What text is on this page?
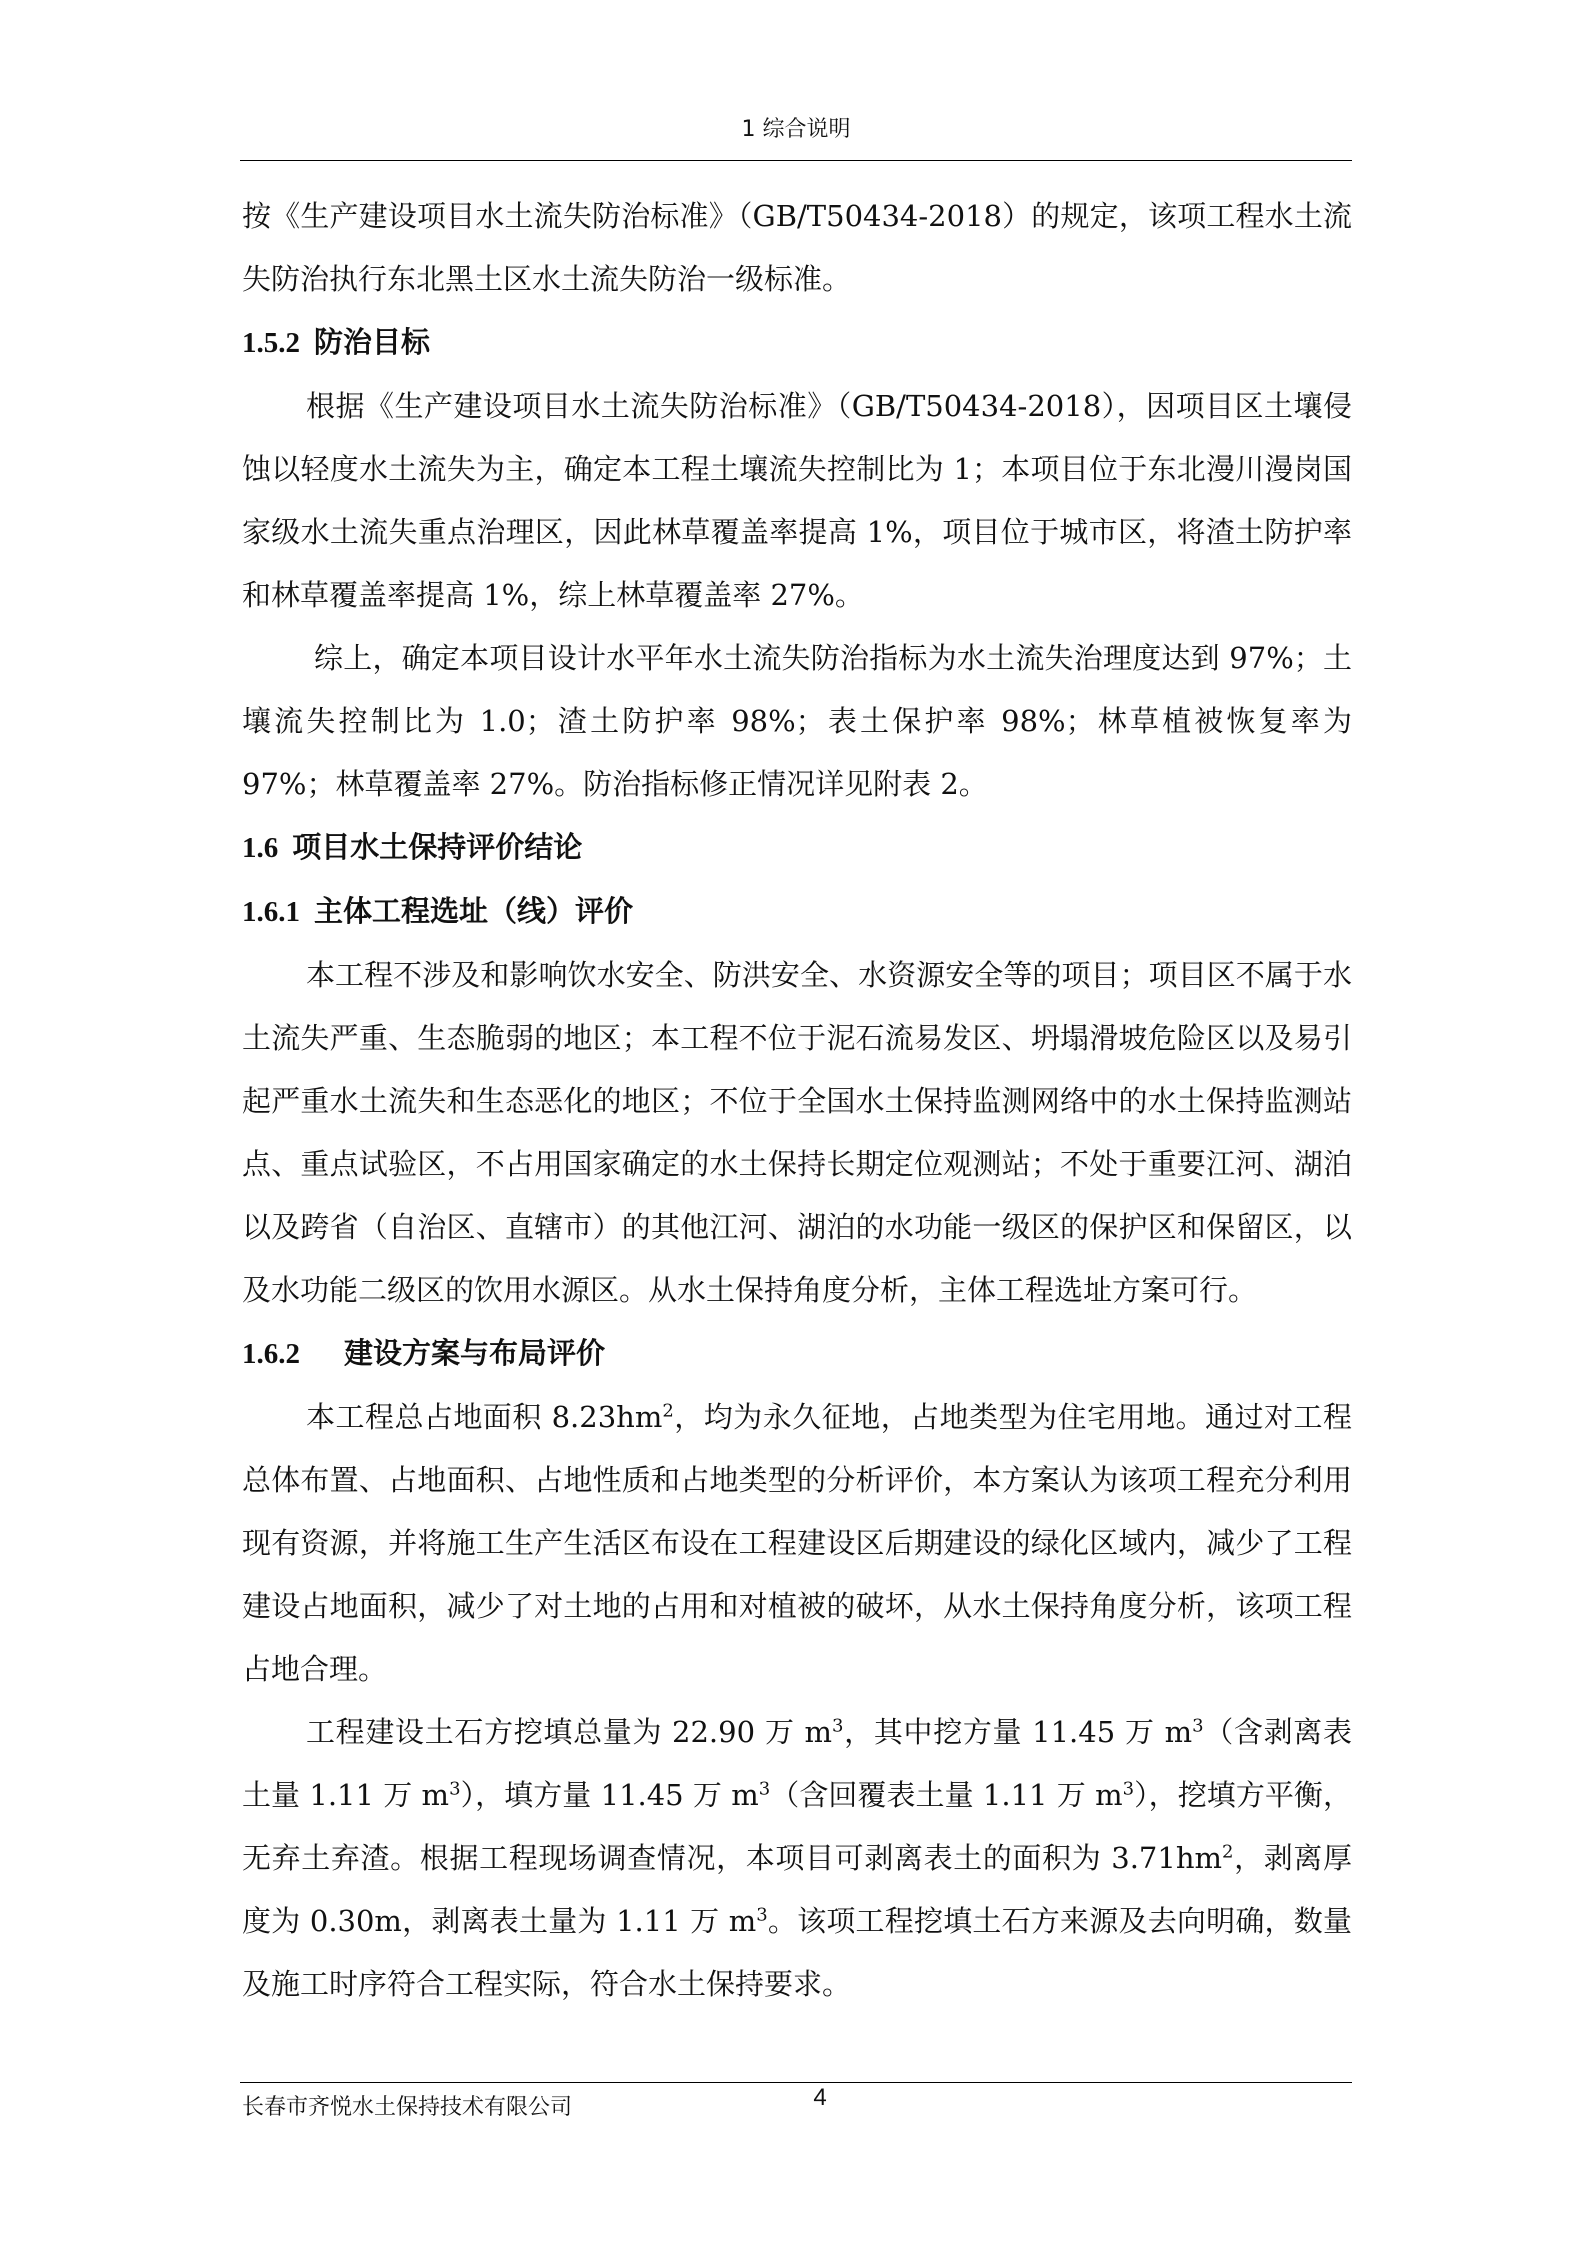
1 综合说明

按《生产建设项目水土流失防治标准》（GB/T50434-2018）的规定，该项工程水土流失防治执行东北黑土区水土流失防治一级标准。

1.5.2 防治目标

根据《生产建设项目水土流失防治标准》（GB/T50434-2018），因项目区土壤侵蚀以轻度水土流失为主，确定本工程土壤流失控制比为 1；本项目位于东北漫川漫岗国家级水土流失重点治理区，因此林草覆盖率提高 1%，项目位于城市区，将渣土防护率和林草覆盖率提高 1%，综上林草覆盖率 27%。

综上，确定本项目设计水平年水土流失防治指标为水土流失治理度达到 97%；土壤流失控制比为 1.0；渣土防护率 98%；表土保护率 98%；林草植被恢复率为 97%；林草覆盖率 27%。防治指标修正情况详见附表 2。

1.6 项目水土保持评价结论

1.6.1 主体工程选址（线）评价

本工程不涉及和影响饮水安全、防洪安全、水资源安全等的项目；项目区不属于水土流失严重、生态脆弱的地区；本工程不位于泥石流易发区、坍塌滑坡危险区以及易引起严重水土流失和生态恶化的地区；不位于全国水土保持监测网络中的水土保持监测站点、重点试验区，不占用国家确定的水土保持长期定位观测站；不处于重要江河、湖泊以及跨省（自治区、直辖市）的其他江河、湖泊的水功能一级区的保护区和保留区，以及水功能二级区的饮用水源区。从水土保持角度分析，主体工程选址方案可行。

1.6.2 建设方案与布局评价

本工程总占地面积 $8.23hm^2$，均为永久征地，占地类型为住宅用地。通过对工程总体布置、占地面积、占地性质和占地类型的分析评价，本方案认为该项工程充分利用现有资源，并将施工生产生活区布设在工程建设区后期建设的绿化区域内，减少了工程建设占地面积，减少了对土地的占用和对植被的破坏，从水土保持角度分析，该项工程占地合理。

工程建设土石方挖填总量为 22.90 万 $m^3$，其中挖方量 11.45 万 $m^3$（含剥离表土量 1.11 万 $m^3$），填方量 11.45 万 $m^3$（含回覆表土量 1.11 万 $m^3$），挖填方平衡，无弃土弃渣。根据工程现场调查情况，本项目可剥离表土的面积为 $3.71hm^2$，剥离厚度为 0.30m，剥离表土量为 1.11 万 $m^3$。该项工程挖填土石方来源及去向明确，数量及施工时序符合工程实际，符合水土保持要求。

长春市齐悦水土保持技术有限公司	4
